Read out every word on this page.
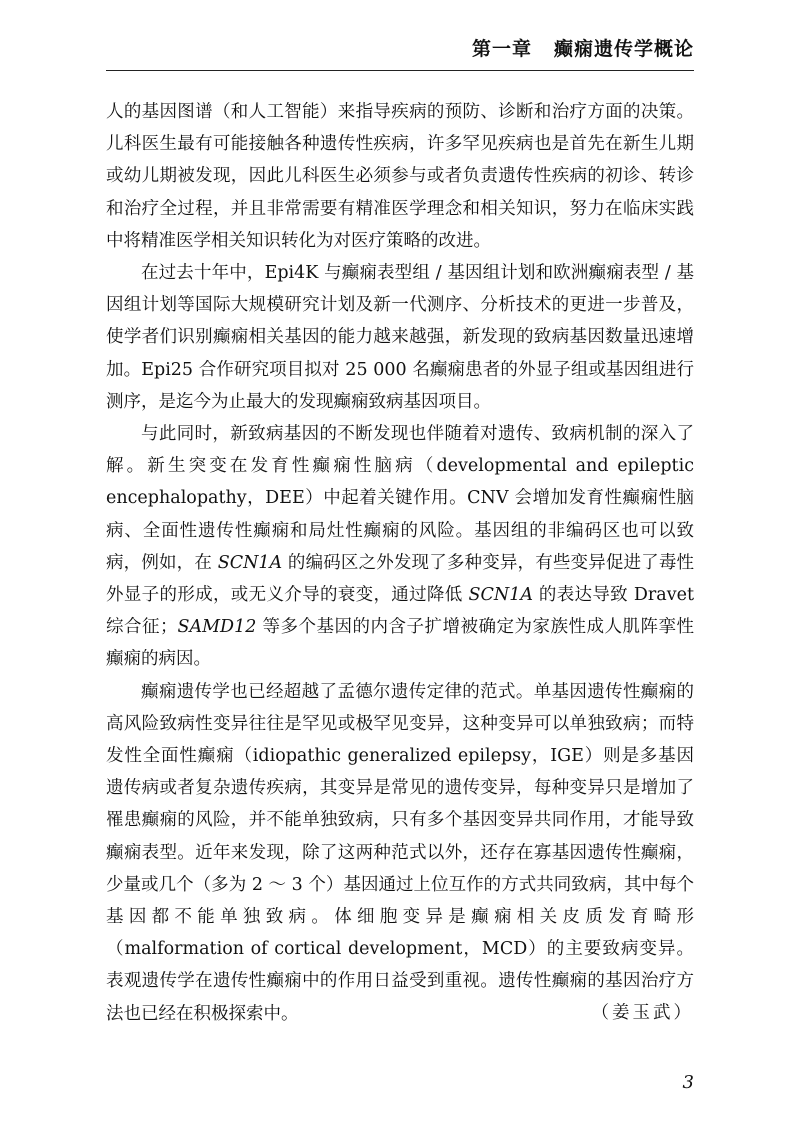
第一章 癫痫遗传学概论

人的基因图谱（和人工智能）来指导疾病的预防、诊断和治疗方面的决策。儿科医生最有可能接触各种遗传性疾病，许多罕见疾病也是首先在新生儿期或幼儿期被发现，因此儿科医生必须参与或者负责遗传性疾病的初诊、转诊和治疗全过程，并且非常需要有精准医学理念和相关知识，努力在临床实践中将精准医学相关知识转化为对医疗策略的改进。

在过去十年中，Epi4K 与癫痫表型组 / 基因组计划和欧洲癫痫表型 / 基因组计划等国际大规模研究计划及新一代测序、分析技术的更进一步普及，使学者们识别癫痫相关基因的能力越来越强，新发现的致病基因数量迅速增加。Epi25 合作研究项目拟对 25 000 名癫痫患者的外显子组或基因组进行测序，是迄今为止最大的发现癫痫致病基因项目。

与此同时，新致病基因的不断发现也伴随着对遗传、致病机制的深入了解。新生突变在发育性癫痫性脑病（developmental and epileptic encephalopathy，DEE）中起着关键作用。CNV 会增加发育性癫痫性脑病、全面性遗传性癫痫和局灶性癫痫的风险。基因组的非编码区也可以致病，例如，在 SCN1A 的编码区之外发现了多种变异，有些变异促进了毒性外显子的形成，或无义介导的衰变，通过降低 SCN1A 的表达导致 Dravet 综合征；SAMD12 等多个基因的内含子扩增被确定为家族性成人肌阵挛性癫痫的病因。

癫痫遗传学也已经超越了孟德尔遗传定律的范式。单基因遗传性癫痫的高风险致病性变异往往是罕见或极罕见变异，这种变异可以单独致病；而特发性全面性癫痫（idiopathic generalized epilepsy，IGE）则是多基因遗传病或者复杂遗传疾病，其变异是常见的遗传变异，每种变异只是增加了罹患癫痫的风险，并不能单独致病，只有多个基因变异共同作用，才能导致癫痫表型。近年来发现，除了这两种范式以外，还存在寡基因遗传性癫痫，少量或几个（多为 2 ～ 3 个）基因通过上位互作的方式共同致病，其中每个基因都不能单独致病。体细胞变异是癫痫相关皮质发育畸形（malformation of cortical development，MCD）的主要致病变异。表观遗传学在遗传性癫痫中的作用日益受到重视。遗传性癫痫的基因治疗方法也已经在积极探索中。	（姜玉武）
3
